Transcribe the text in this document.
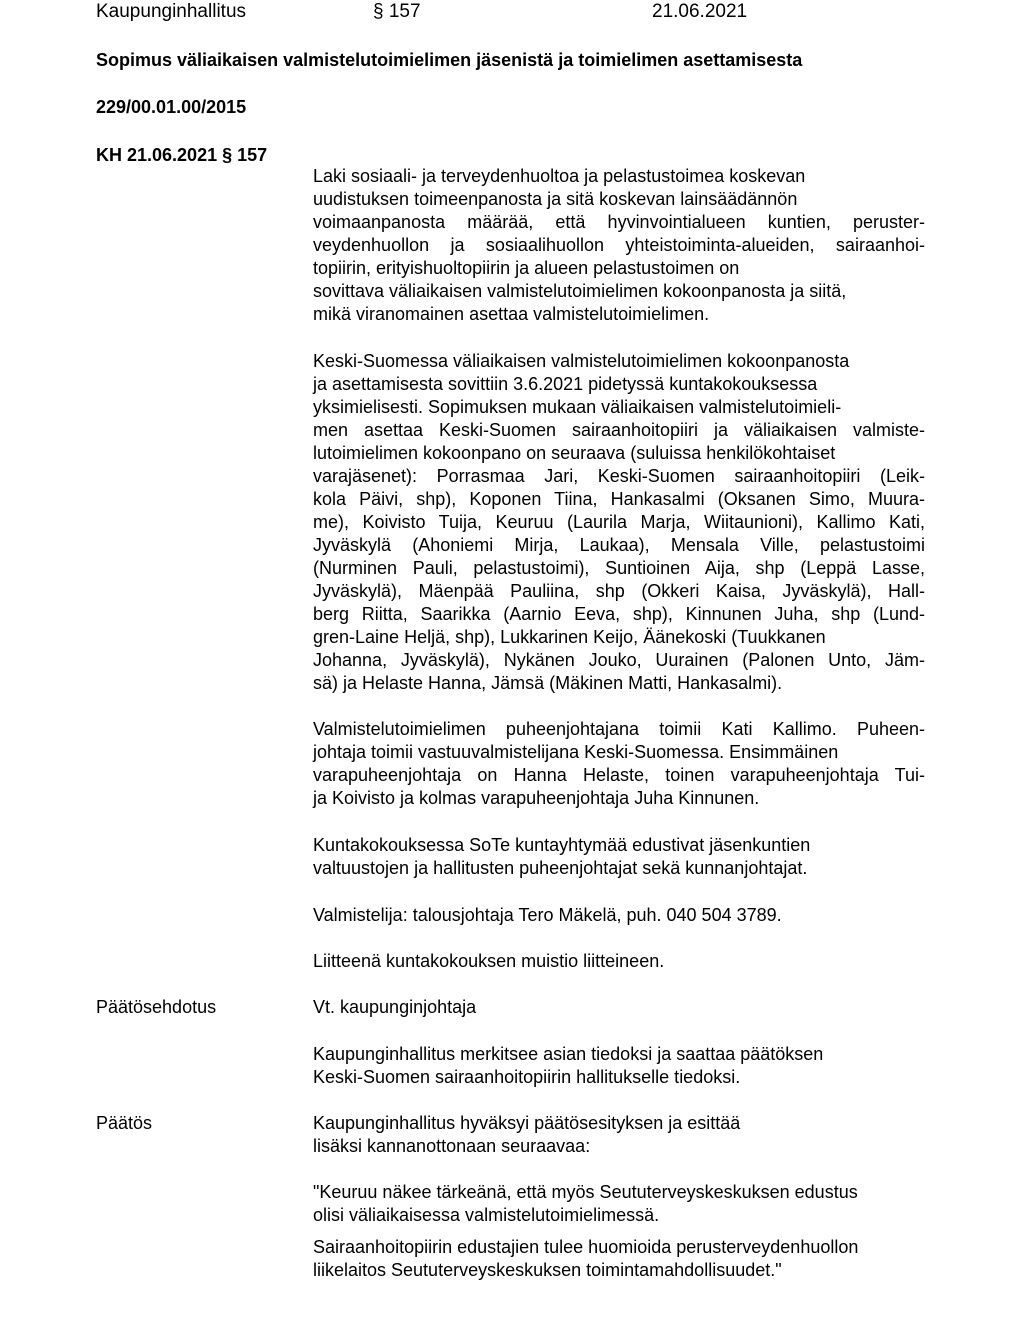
Kaupunginhallitus	§ 157	21.06.2021
Sopimus väliaikaisen valmistelutoimielimen jäsenistä ja toimielimen asettamisesta
229/00.01.00/2015
KH 21.06.2021 § 157
Laki sosiaali- ja terveydenhuoltoa ja pelastustoimea koskevan
uudistuksen toimeenpanosta ja sitä koskevan lainsäädännön
voimaanpanosta määrää, että hyvinvointialueen kuntien, peruster-
veydenhuollon ja sosiaalihuollon yhteistoiminta-alueiden, sairaanhoi-
topiirin, erityishuoltopiirin ja alueen pelastustoimen on
sovittava väliaikaisen valmistelutoimielimen kokoonpanosta ja siitä,
mikä viranomainen asettaa valmistelutoimielimen.
Keski-Suomessa väliaikaisen valmistelutoimielimen kokoonpanosta
ja asettamisesta sovittiin 3.6.2021 pidetyssä kuntakokouksessa
yksimielisesti. Sopimuksen mukaan väliaikaisen valmistelutoimieli-
men asettaa Keski-Suomen sairaanhoitopiiri ja väliaikaisen valmiste-
lutoimielimen kokoonpano on seuraava (suluissa henkilökohtaiset
varajäsenet): Porrasmaa Jari, Keski-Suomen sairaanhoitopiiri (Leik-
kola Päivi, shp), Koponen Tiina, Hankasalmi (Oksanen Simo, Muura-
me), Koivisto Tuija, Keuruu (Laurila Marja, Wiitaunioni), Kallimo Kati,
Jyväskylä (Ahoniemi Mirja, Laukaa), Mensala Ville, pelastustoimi
(Nurminen Pauli, pelastustoimi), Suntioinen Aija, shp (Leppä Lasse,
Jyväskylä), Mäenpää Pauliina, shp (Okkeri Kaisa, Jyväskylä), Hall-
berg Riitta, Saarikka (Aarnio Eeva, shp), Kinnunen Juha, shp (Lund-
gren-Laine Heljä, shp), Lukkarinen Keijo, Äänekoski (Tuukkanen
Johanna, Jyväskylä), Nykänen Jouko, Uurainen (Palonen Unto, Jäm-
sä) ja Helaste Hanna, Jämsä (Mäkinen Matti, Hankasalmi).
Valmistelutoimielimen puheenjohtajana toimii Kati Kallimo. Puheen-
johtaja toimii vastuuvalmistelijana Keski-Suomessa. Ensimmäinen
varapuheenjohtaja on Hanna Helaste, toinen varapuheenjohtaja Tui-
ja Koivisto ja kolmas varapuheenjohtaja Juha Kinnunen.
Kuntakokouksessa SoTe kuntayhtymää edustivat jäsenkuntien
valtuustojen ja hallitusten puheenjohtajat sekä kunnanjohtajat.
Valmistelija: talousjohtaja Tero Mäkelä, puh. 040 504 3789.
Liitteenä kuntakokouksen muistio liitteineen.
Päätösehdotus	Vt. kaupunginjohtaja
Kaupunginhallitus merkitsee asian tiedoksi ja saattaa päätöksen
Keski-Suomen sairaanhoitopiirin hallitukselle tiedoksi.
Päätös	Kaupunginhallitus hyväksyi päätösesityksen ja esittää
lisäksi kannanottonaan seuraavaa:
"Keuruu näkee tärkeänä, että myös Seututerveyskeskuksen edustus
olisi väliaikaisessa valmistelutoimielimessä.
Sairaanhoitopiirin edustajien tulee huomioida perusterveydenhuollon
liikelaitos Seututerveyskeskuksen toimintamahdollisuudet."
